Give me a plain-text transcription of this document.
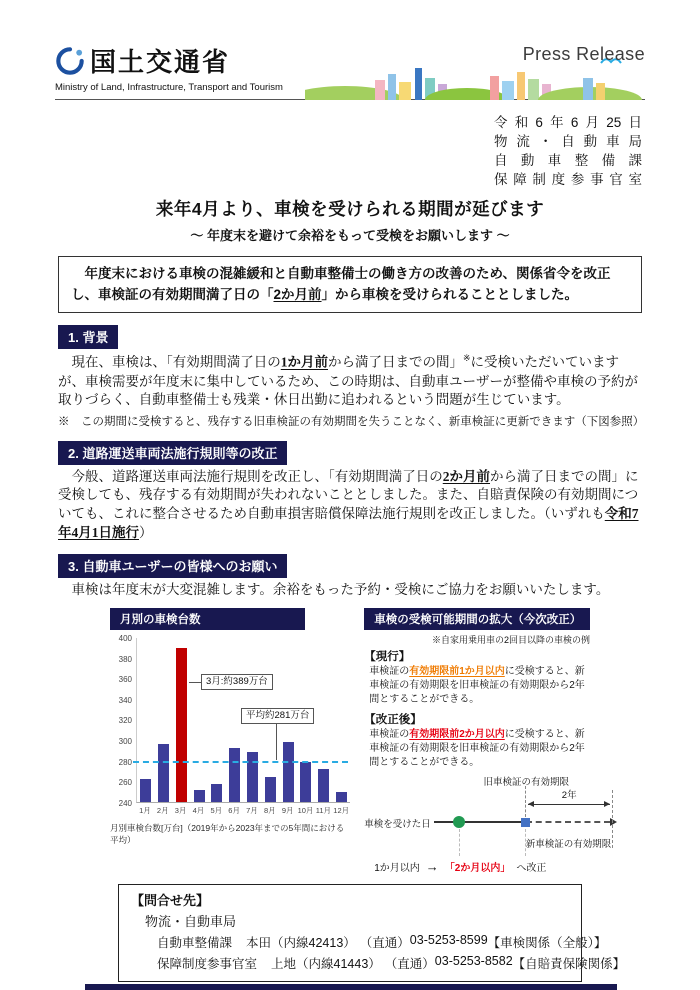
国土交通省
Ministry of Land, Infrastructure, Transport and Tourism
Press Release
令和6年6月25日
物流・自動車局
自動車整備課
保障制度参事官室
来年4月より、車検を受けられる期間が延びます
～ 年度末を避けて余裕をもって受検をお願いします ～
　年度末における車検の混雑緩和と自動車整備士の働き方の改善のため、関係省令を改正し、車検証の有効期間満了日の「2か月前」から車検を受けられることとしました。
1. 背景
　現在、車検は、「有効期間満了日の1か月前から満了日までの間」※に受検いただいていますが、車検需要が年度末に集中しているため、この時期は、自動車ユーザーが整備や車検の予約が取りづらく、自動車整備士も残業・休日出勤に追われるという問題が生じています。
※　この期間に受検すると、残存する旧車検証の有効期間を失うことなく、新車検証に更新できます（下図参照）
2. 道路運送車両法施行規則等の改正
　今般、道路運送車両法施行規則を改正し、「有効期間満了日の2か月前から満了日までの間」に受検しても、残存する有効期間が失われないこととしました。また、自賠責保険の有効期間についても、これに整合させるため自動車損害賠償保障法施行規則を改正しました。（いずれも令和7年4月1日施行）
3. 自動車ユーザーの皆様へのお願い
　車検は年度末が大変混雑します。余裕をもった予約・受検にご協力をお願いいたします。
月別の車検台数
400
380
360
340
320
300
280
260
240
3月:約389万台
平均約281万台
1月 2月 3月 4月 5月 6月 7月 8月 9月 10月 11月 12月
月別車検台数[万台]（2019年から2023年までの5年間における平均）
車検の受検可能期間の拡大（今次改正）
※自家用乗用車の2回目以降の車検の例
【現行】
車検証の有効期限前1か月以内に受検すると、新車検証の有効期限を旧車検証の有効期限から2年間とすることができる。
【改正後】
車検証の有効期限前2か月以内に受検すると、新車検証の有効期限を旧車検証の有効期限から2年間とすることができる。
旧車検証の有効期限
2年
車検を受けた日
新車検証の有効期限
1か月以内 → 「2か月以内」 へ改正
【問合せ先】
物流・自動車局
自動車整備課 本田（内線42413） （直通） 03-5253-8599 【車検関係（全般）】
保障制度参事官室 上地（内線41443） （直通） 03-5253-8582 【自賠責保険関係】
